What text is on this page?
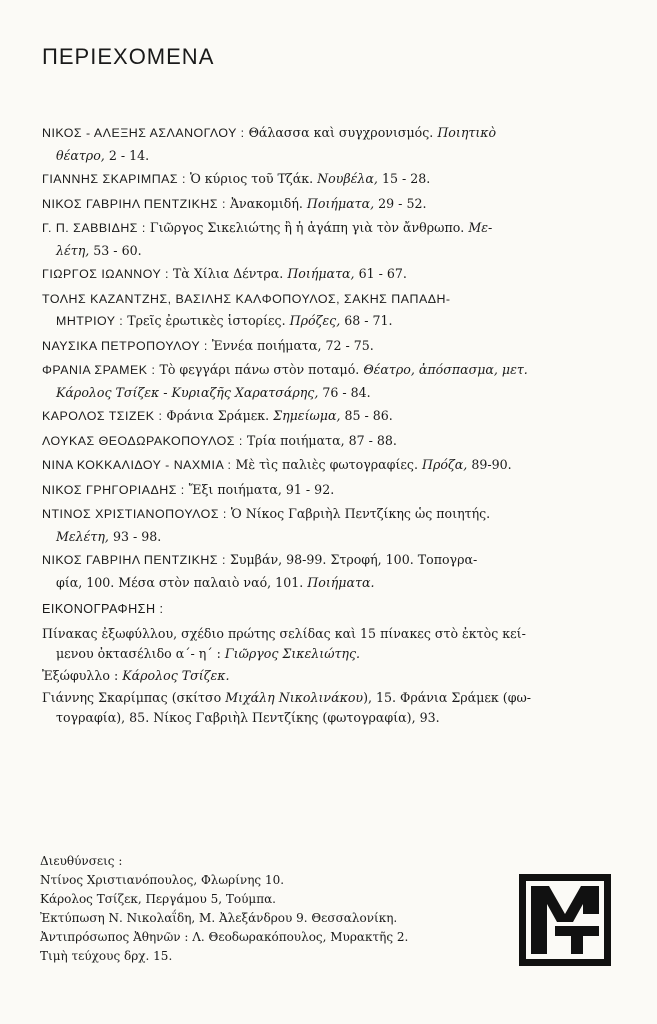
ΠΕΡΙΕΧΟΜΕΝΑ

ΝΙΚΟΣ - ΑΛΕΞΗΣ ΑΣΛΑΝΟΓΛΟΥ : Θάλασσα καὶ συγχρονισμός. Ποιητικὸ
θέατρο, 2 - 14.

ΓΙΑΝΝΗΣ ΣΚΑΡΙΜΠΑΣ : Ὁ κύριος τοῦ Τζάκ. Νουβέλα, 15 - 28.

ΝΙΚΟΣ ΓΑΒΡΙΗΛ ΠΕΝΤΖΙΚΗΣ : Ἀνακομιδή. Ποιήματα, 29 - 52.

Γ. Π. ΣΑΒΒΙΔΗΣ : Γιῶργος Σικελιώτης ἢ ἡ ἀγάπη γιὰ τὸν ἄνθρωπο. Με-
λέτη, 53 - 60.

ΓΙΩΡΓΟΣ ΙΩΑΝΝΟΥ : Τὰ Χίλια Δέντρα. Ποιήματα, 61 - 67.

ΤΟΛΗΣ ΚΑΖΑΝΤΖΗΣ, ΒΑΣΙΛΗΣ ΚΑΛΦΟΠΟΥΛΟΣ, ΣΑΚΗΣ ΠΑΠΑΔΗ-
ΜΗΤΡΙΟΥ : Τρεῖς ἐρωτικὲς ἱστορίες. Πρόζες, 68 - 71.

ΝΑΥΣΙΚΑ ΠΕΤΡΟΠΟΥΛΟΥ : Ἐννέα ποιήματα, 72 - 75.

ΦΡΑΝΙΑ ΣΡΑΜΕΚ : Τὸ φεγγάρι πάνω στὸν ποταμό. Θέατρο, ἀπόσπασμα, μετ.
Κάρολος Τσίζεκ - Κυριαζῆς Χαρατσάρης, 76 - 84.

ΚΑΡΟΛΟΣ ΤΣΙΖΕΚ : Φράνια Σράμεκ. Σημείωμα, 85 - 86.

ΛΟΥΚΑΣ ΘΕΟΔΩΡΑΚΟΠΟΥΛΟΣ : Τρία ποιήματα, 87 - 88.

ΝΙΝΑ ΚΟΚΚΑΛΙΔΟΥ - ΝΑΧΜΙΑ : Μὲ τὶς παλιὲς φωτογραφίες. Πρόζα, 89-90.

ΝΙΚΟΣ ΓΡΗΓΟΡΙΑΔΗΣ : Ἔξι ποιήματα, 91 - 92.

ΝΤΙΝΟΣ ΧΡΙΣΤΙΑΝΟΠΟΥΛΟΣ : Ὁ Νίκος Γαβριὴλ Πεντζίκης ὡς ποιητής.
Μελέτη, 93 - 98.

ΝΙΚΟΣ ΓΑΒΡΙΗΛ ΠΕΝΤΖΙΚΗΣ : Συμβάν, 98-99. Στροφή, 100. Τοπογρα-
φία, 100. Μέσα στὸν παλαιὸ ναό, 101. Ποιήματα.

ΕΙΚΟΝΟΓΡΑΦΗΣΗ :

Πίνακας ἐξωφύλλου, σχέδιο πρώτης σελίδας καὶ 15 πίνακες στὸ ἐκτὸς κεί-
μενου ὀκτασέλιδο α΄- η΄ : Γιῶργος Σικελιώτης.

Ἐξώφυλλο : Κάρολος Τσίζεκ.

Γιάννης Σκαρίμπας (σκίτσο Μιχάλη Νικολινάκου), 15. Φράνια Σράμεκ (φω-
τογραφία), 85. Νίκος Γαβριὴλ Πεντζίκης (φωτογραφία), 93.

Διευθύνσεις :

Ντίνος Χριστιανόπουλος, Φλωρίνης 10.

Κάρολος Τσίζεκ, Περγάμου 5, Τούμπα.

Ἐκτύπωση Ν. Νικολαΐδη, Μ. Ἀλεξάνδρου 9. Θεσσαλονίκη.

Ἀντιπρόσωπος Ἀθηνῶν : Λ. Θεοδωρακόπουλος, Μυρακτῆς 2.

Τιμὴ τεύχους δρχ. 15.
